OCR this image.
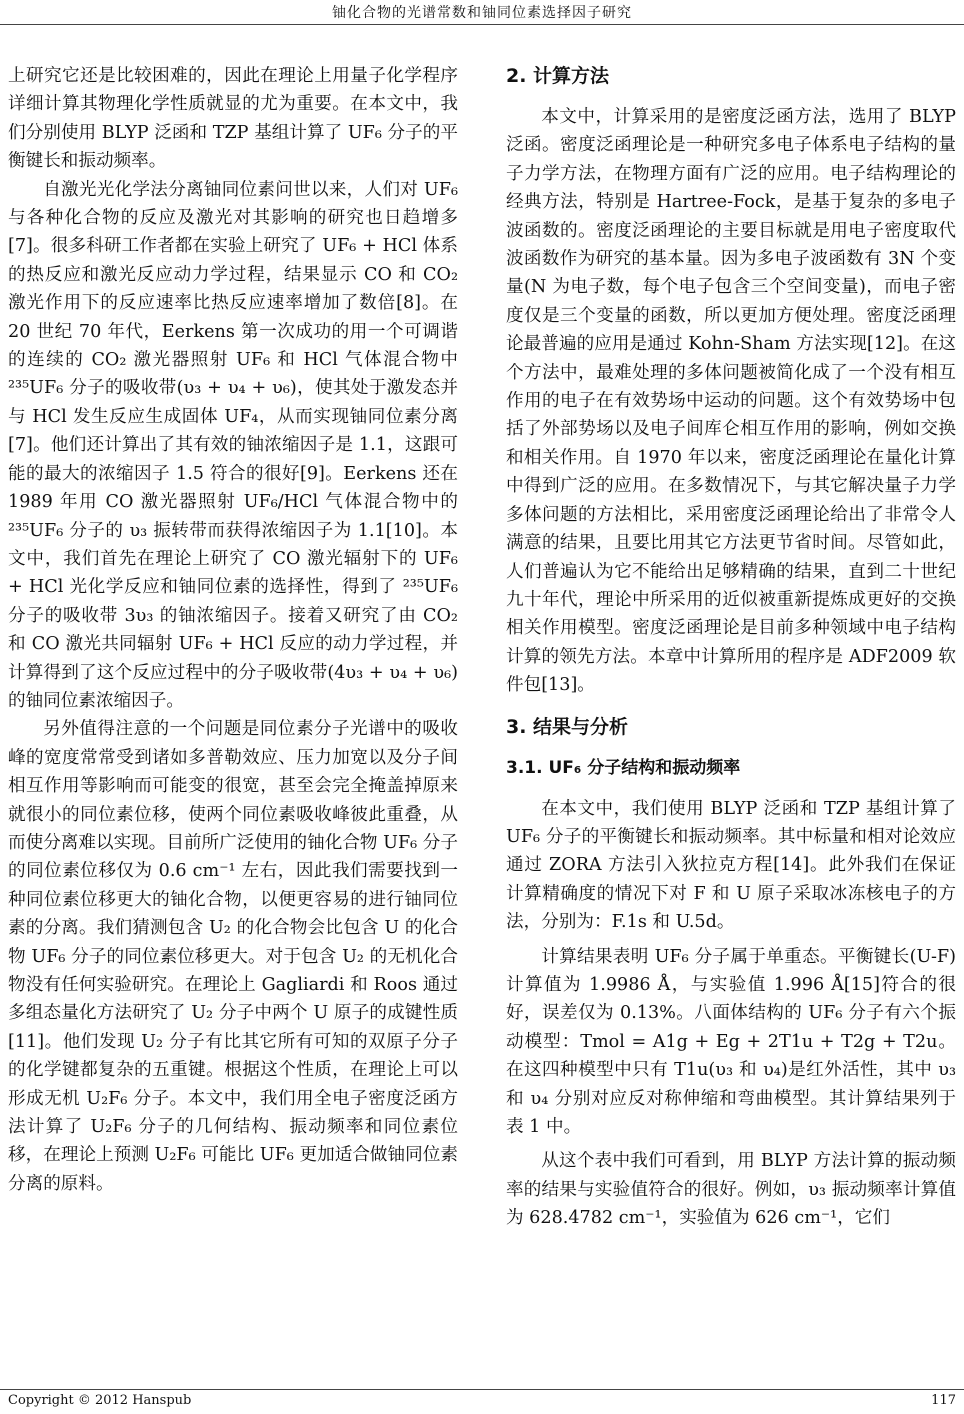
铀化合物的光谱常数和铀同位素选择因子研究

上研究它还是比较困难的，因此在理论上用量子化学程序详细计算其物理化学性质就显的尤为重要。在本文中，我们分别使用 BLYP 泛函和 TZP 基组计算了 UF₆ 分子的平衡键长和振动频率。

自激光光化学法分离铀同位素问世以来，人们对 UF₆ 与各种化合物的反应及激光对其影响的研究也日趋增多[7]。很多科研工作者都在实验上研究了 UF₆ + HCl 体系的热反应和激光反应动力学过程，结果显示 CO 和 CO₂ 激光作用下的反应速率比热反应速率增加了数倍[8]。在 20 世纪 70 年代，Eerkens 第一次成功的用一个可调谐的连续的 CO₂ 激光器照射 UF₆ 和 HCl 气体混合物中 ²³⁵UF₆ 分子的吸收带(υ₃ + υ₄ + υ₆)，使其处于激发态并与 HCl 发生反应生成固体 UF₄，从而实现铀同位素分离[7]。他们还计算出了其有效的铀浓缩因子是 1.1，这跟可能的最大的浓缩因子 1.5 符合的很好[9]。Eerkens 还在 1989 年用 CO 激光器照射 UF₆/HCl 气体混合物中的 ²³⁵UF₆ 分子的 υ₃ 振转带而获得浓缩因子为 1.1[10]。本文中，我们首先在理论上研究了 CO 激光辐射下的 UF₆ + HCl 光化学反应和铀同位素的选择性，得到了 ²³⁵UF₆ 分子的吸收带 3υ₃ 的铀浓缩因子。接着又研究了由 CO₂ 和 CO 激光共同辐射 UF₆ + HCl 反应的动力学过程，并计算得到了这个反应过程中的分子吸收带(4υ₃ + υ₄ + υ₆)的铀同位素浓缩因子。

另外值得注意的一个问题是同位素分子光谱中的吸收峰的宽度常常受到诸如多普勒效应、压力加宽以及分子间相互作用等影响而可能变的很宽，甚至会完全掩盖掉原来就很小的同位素位移，使两个同位素吸收峰彼此重叠，从而使分离难以实现。目前所广泛使用的铀化合物 UF₆ 分子的同位素位移仅为 0.6 cm⁻¹ 左右，因此我们需要找到一种同位素位移更大的铀化合物，以便更容易的进行铀同位素的分离。我们猜测包含 U₂ 的化合物会比包含 U 的化合物 UF₆ 分子的同位素位移更大。对于包含 U₂ 的无机化合物没有任何实验研究。在理论上 Gagliardi 和 Roos 通过多组态量化方法研究了 U₂ 分子中两个 U 原子的成键性质[11]。他们发现 U₂ 分子有比其它所有可知的双原子分子的化学键都复杂的五重键。根据这个性质，在理论上可以形成无机 U₂F₆ 分子。本文中，我们用全电子密度泛函方法计算了 U₂F₆ 分子的几何结构、振动频率和同位素位移，在理论上预测 U₂F₆ 可能比 UF₆ 更加适合做铀同位素分离的原料。

2. 计算方法

本文中，计算采用的是密度泛函方法，选用了 BLYP 泛函。密度泛函理论是一种研究多电子体系电子结构的量子力学方法，在物理方面有广泛的应用。电子结构理论的经典方法，特别是 Hartree-Fock，是基于复杂的多电子波函数的。密度泛函理论的主要目标就是用电子密度取代波函数作为研究的基本量。因为多电子波函数有 3N 个变量(N 为电子数，每个电子包含三个空间变量)，而电子密度仅是三个变量的函数，所以更加方便处理。密度泛函理论最普遍的应用是通过 Kohn-Sham 方法实现[12]。在这个方法中，最难处理的多体问题被简化成了一个没有相互作用的电子在有效势场中运动的问题。这个有效势场中包括了外部势场以及电子间库仑相互作用的影响，例如交换和相关作用。自 1970 年以来，密度泛函理论在量化计算中得到广泛的应用。在多数情况下，与其它解决量子力学多体问题的方法相比，采用密度泛函理论给出了非常令人满意的结果，且要比用其它方法更节省时间。尽管如此，人们普遍认为它不能给出足够精确的结果，直到二十世纪九十年代，理论中所采用的近似被重新提炼成更好的交换相关作用模型。密度泛函理论是目前多种领域中电子结构计算的领先方法。本章中计算所用的程序是 ADF2009 软件包[13]。

3. 结果与分析
3.1. UF₆ 分子结构和振动频率

在本文中，我们使用 BLYP 泛函和 TZP 基组计算了 UF₆ 分子的平衡键长和振动频率。其中标量和相对论效应通过 ZORA 方法引入狄拉克方程[14]。此外我们在保证计算精确度的情况下对 F 和 U 原子采取冰冻核电子的方法，分别为：F.1s 和 U.5d。

计算结果表明 UF₆ 分子属于单重态。平衡键长(U-F)计算值为 1.9986 Å，与实验值 1.996 Å[15]符合的很好，误差仅为 0.13%。八面体结构的 UF₆ 分子有六个振动模型：Tmol = A1g + Eg + 2T1u + T2g + T2u。在这四种模型中只有 T1u(υ₃ 和 υ₄)是红外活性，其中 υ₃ 和 υ₄ 分别对应反对称伸缩和弯曲模型。其计算结果列于表 1 中。

从这个表中我们可看到，用 BLYP 方法计算的振动频率的结果与实验值符合的很好。例如，υ₃ 振动频率计算值为 628.4782 cm⁻¹，实验值为 626 cm⁻¹，它们

Copyright © 2012 Hanspub	117
